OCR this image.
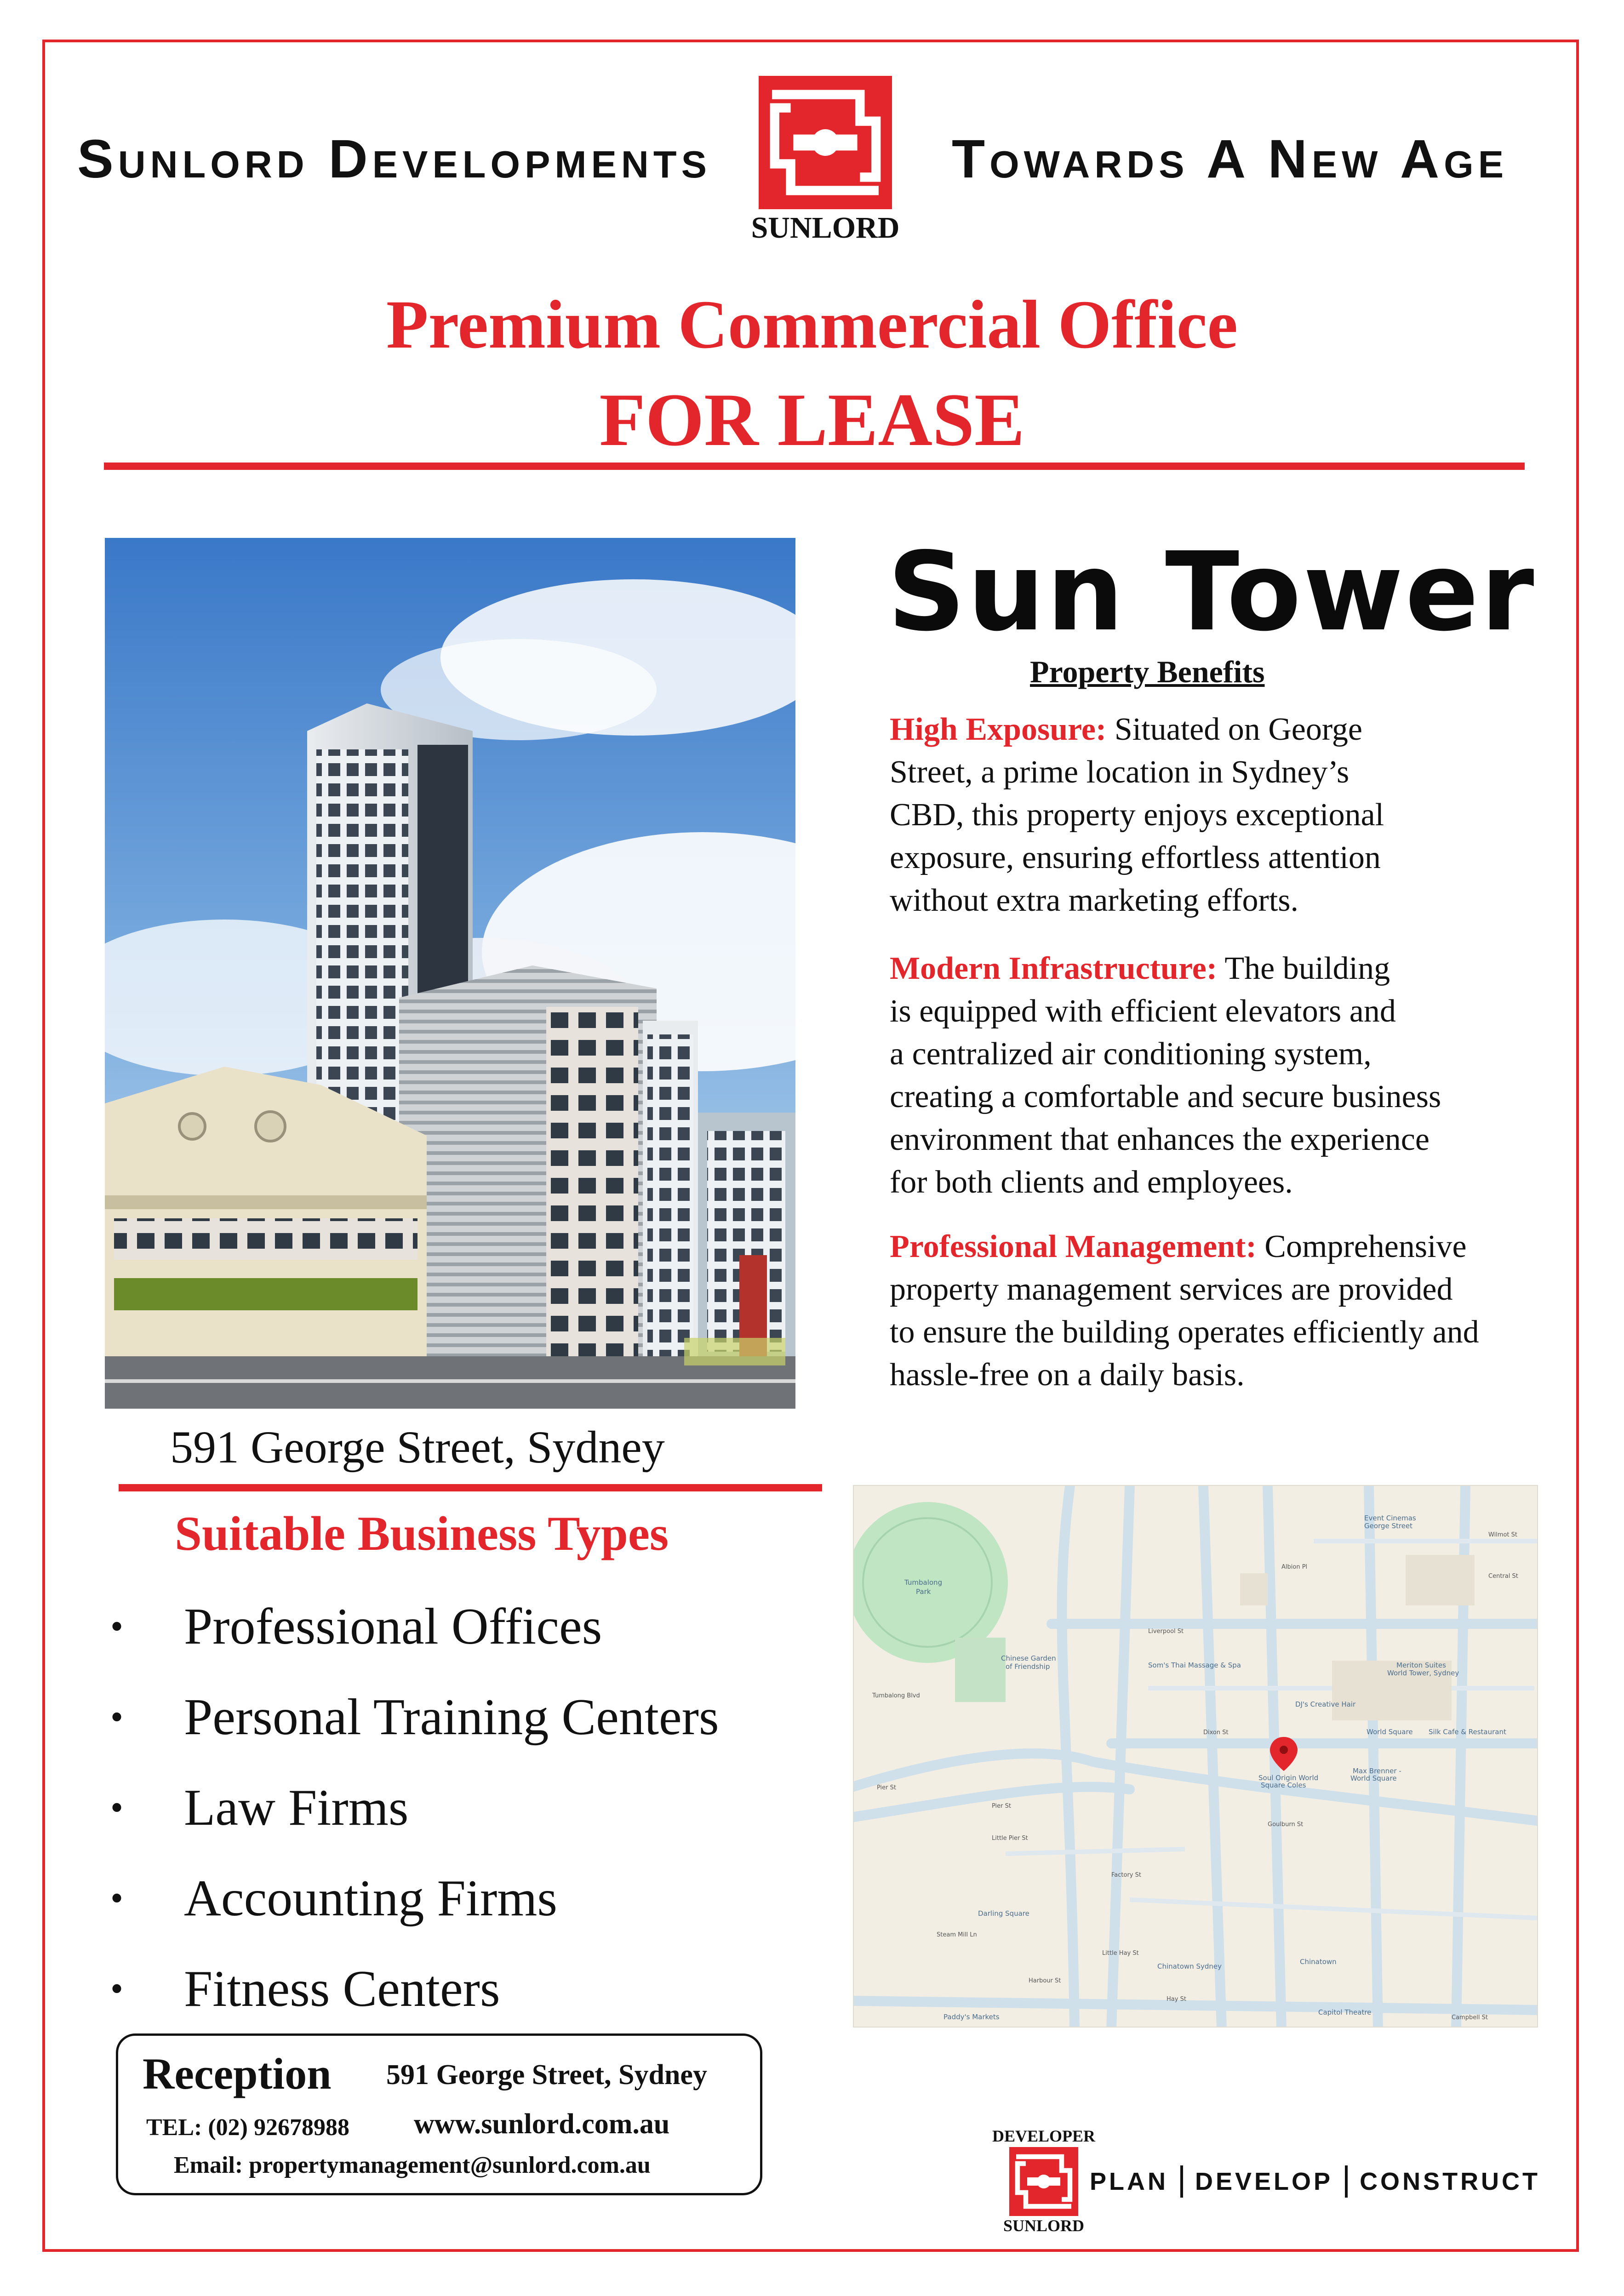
Sunlord Developments
SUNLORD
Towards A New Age
Premium Commercial Office
FOR LEASE
Sun Tower
Property Benefits
High Exposure: Situated on George
Street, a prime location in Sydney’s
CBD, this property enjoys exceptional
exposure, ensuring effortless attention
without extra marketing efforts.
Modern Infrastructure: The building
is equipped with efficient elevators and
a centralized air conditioning system,
creating a comfortable and secure business
environment that enhances the experience
for both clients and employees.
Professional Management: Comprehensive
property management services are provided
to ensure the building operates efficiently and
hassle-free on a daily basis.
591 George Street, Sydney
Suitable Business Types
•	Professional Offices
•	Personal Training Centers
•	Law Firms
•	Accounting Firms
•	Fitness Centers
Tumbalong
Park
Chinese Garden
of Friendship
Event Cinemas
George Street
Som's Thai Massage & Spa
DJ's Creative Hair
Meriton Suites
World Tower, Sydney
World Square Silk Cafe & Restaurant
Soul Origin World
Square Coles
Max Brenner -
World Square
Darling Square
Chinatown Sydney
Chinatown
Paddy's Markets
Capitol Theatre
Liverpool St
Goulburn St
Pier St
Pier St
Little Pier St
Hay St
Dixon St
Harbour St
Factory St
Campbell St
Central St
Wilmot St
Albion Pl
Little Hay St
Steam Mill Ln
Tumbalong Blvd
Reception 591 George Street, Sydney
TEL: (02) 92678988 www.sunlord.com.au
Email: propertymanagement@sunlord.com.au
DEVELOPER
SUNLORD
PLAN DEVELOP CONSTRUCT
